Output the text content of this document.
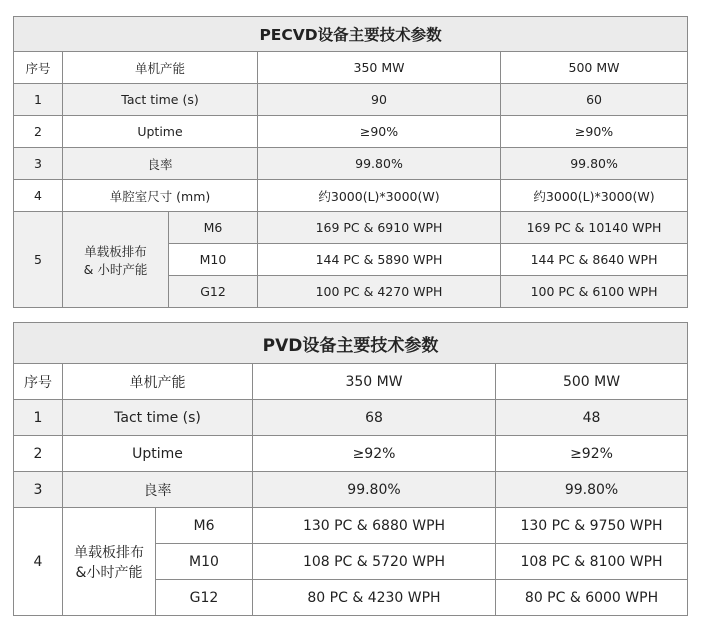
PECVD设备主要技术参数				
序号	单机产能		350 MW	500 MW
1	Tact time (s)		90	60
2	Uptime		≥90%	≥90%
3	良率		99.80%	99.80%
4	单腔室尺寸 (mm)		约3000(L)*3000(W)	约3000(L)*3000(W)
5	单载板排布
& 小时产能	M6	169 PC & 6910 WPH	169 PC & 10140 WPH
		M10	144 PC & 5890 WPH	144 PC & 8640 WPH
		G12	100 PC & 4270 WPH	100 PC & 6100 WPH
PVD设备主要技术参数				
序号	单机产能		350 MW	500 MW
1	Tact time (s)		68	48
2	Uptime		≥92%	≥92%
3	良率		99.80%	99.80%
4	单载板排布
&小时产能	M6	130 PC & 6880 WPH	130 PC & 9750 WPH
		M10	108 PC & 5720 WPH	108 PC & 8100 WPH
		G12	80 PC & 4230 WPH	80 PC & 6000 WPH
